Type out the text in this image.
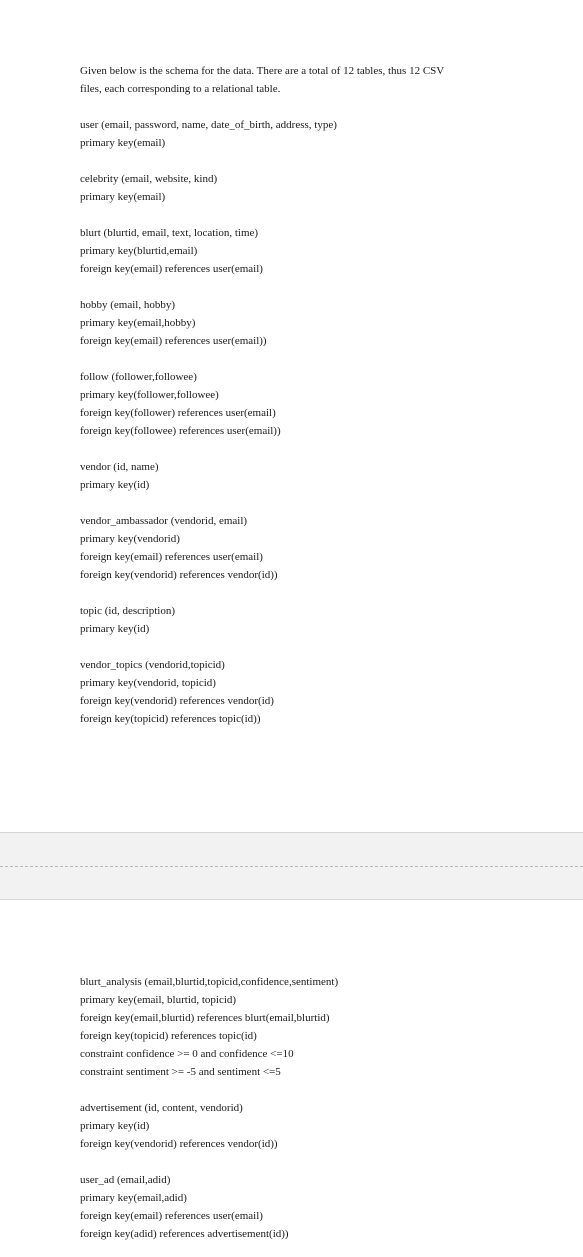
Given below is the schema for the data. There are a total of 12 tables, thus 12 CSV
files, each corresponding to a relational table.
user (email, password, name, date_of_birth, address, type)
primary key(email)
celebrity (email, website, kind)
primary key(email)
blurt (blurtid, email, text, location, time)
primary key(blurtid,email)
foreign key(email) references user(email)
hobby (email, hobby)
primary key(email,hobby)
foreign key(email) references user(email))
follow (follower,followee)
primary key(follower,followee)
foreign key(follower) references user(email)
foreign key(followee) references user(email))
vendor (id, name)
primary key(id)
vendor_ambassador (vendorid, email)
primary key(vendorid)
foreign key(email) references user(email)
foreign key(vendorid) references vendor(id))
topic (id, description)
primary key(id)
vendor_topics (vendorid,topicid)
primary key(vendorid, topicid)
foreign key(vendorid) references vendor(id)
foreign key(topicid) references topic(id))
blurt_analysis (email,blurtid,topicid,confidence,sentiment)
primary key(email, blurtid, topicid)
foreign key(email,blurtid) references blurt(email,blurtid)
foreign key(topicid) references topic(id)
constraint confidence >= 0 and confidence <=10
constraint sentiment >= -5 and sentiment <=5
advertisement (id, content, vendorid)
primary key(id)
foreign key(vendorid) references vendor(id))
user_ad (email,adid)
primary key(email,adid)
foreign key(email) references user(email)
foreign key(adid) references advertisement(id))
